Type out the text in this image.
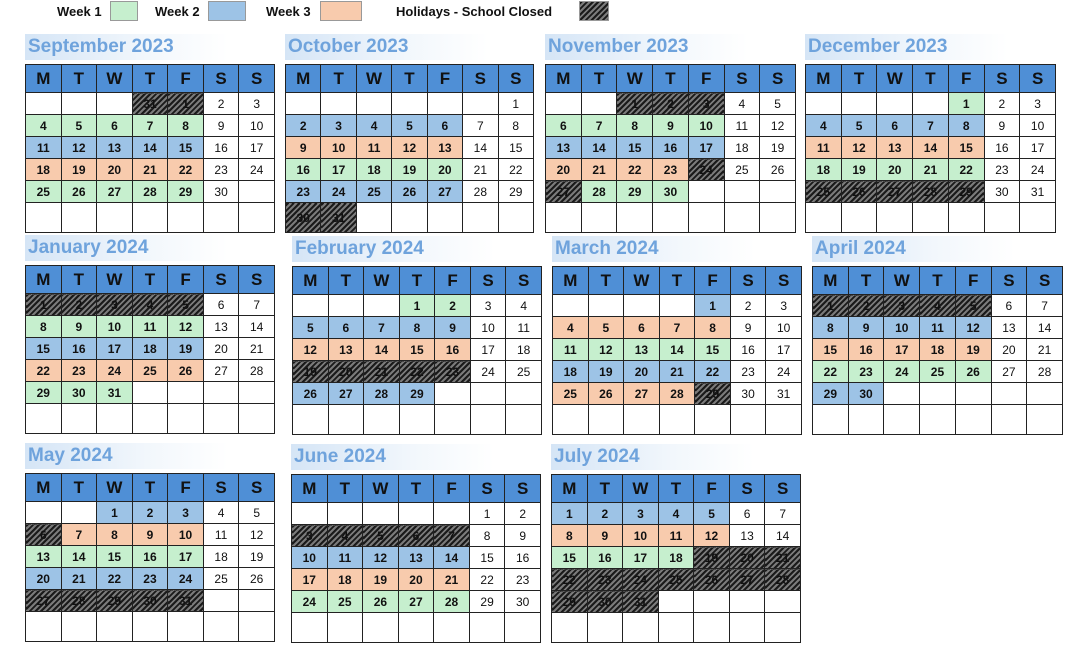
Week 1	Week 2	Week 3	Holidays - School Closed
September 2023
M	T	W	T	F	S	S
			31	1	2	3
4	5	6	7	8	9	10
11	12	13	14	15	16	17
18	19	20	21	22	23	24
25	26	27	28	29	30	

October 2023
M	T	W	T	F	S	S
						1
2	3	4	5	6	7	8
9	10	11	12	13	14	15
16	17	18	19	20	21	22
23	24	25	26	27	28	29
30	31					
November 2023
M	T	W	T	F	S	S
		1	2	3	4	5
6	7	8	9	10	11	12
13	14	15	16	17	18	19
20	21	22	23	24	25	26
27	28	29	30			

December 2023
M	T	W	T	F	S	S
				1	2	3
4	5	6	7	8	9	10
11	12	13	14	15	16	17
18	19	20	21	22	23	24
25	26	27	28	29	30	31

January 2024
M	T	W	T	F	S	S
1	2	3	4	5	6	7
8	9	10	11	12	13	14
15	16	17	18	19	20	21
22	23	24	25	26	27	28
29	30	31				

February 2024
M	T	W	T	F	S	S
			1	2	3	4
5	6	7	8	9	10	11
12	13	14	15	16	17	18
19	20	21	22	23	24	25
26	27	28	29			

March 2024
M	T	W	T	F	S	S
				1	2	3
4	5	6	7	8	9	10
11	12	13	14	15	16	17
18	19	20	21	22	23	24
25	26	27	28	29	30	31

April 2024
M	T	W	T	F	S	S
1	2	3	4	5	6	7
8	9	10	11	12	13	14
15	16	17	18	19	20	21
22	23	24	25	26	27	28
29	30					

May 2024
M	T	W	T	F	S	S
		1	2	3	4	5
6	7	8	9	10	11	12
13	14	15	16	17	18	19
20	21	22	23	24	25	26
27	28	29	30	31		

June 2024
M	T	W	T	F	S	S
					1	2
3	4	5	6	7	8	9
10	11	12	13	14	15	16
17	18	19	20	21	22	23
24	25	26	27	28	29	30

July 2024
M	T	W	T	F	S	S
1	2	3	4	5	6	7
8	9	10	11	12	13	14
15	16	17	18	19	20	21
22	23	24	25	26	27	28
29	30	31				
